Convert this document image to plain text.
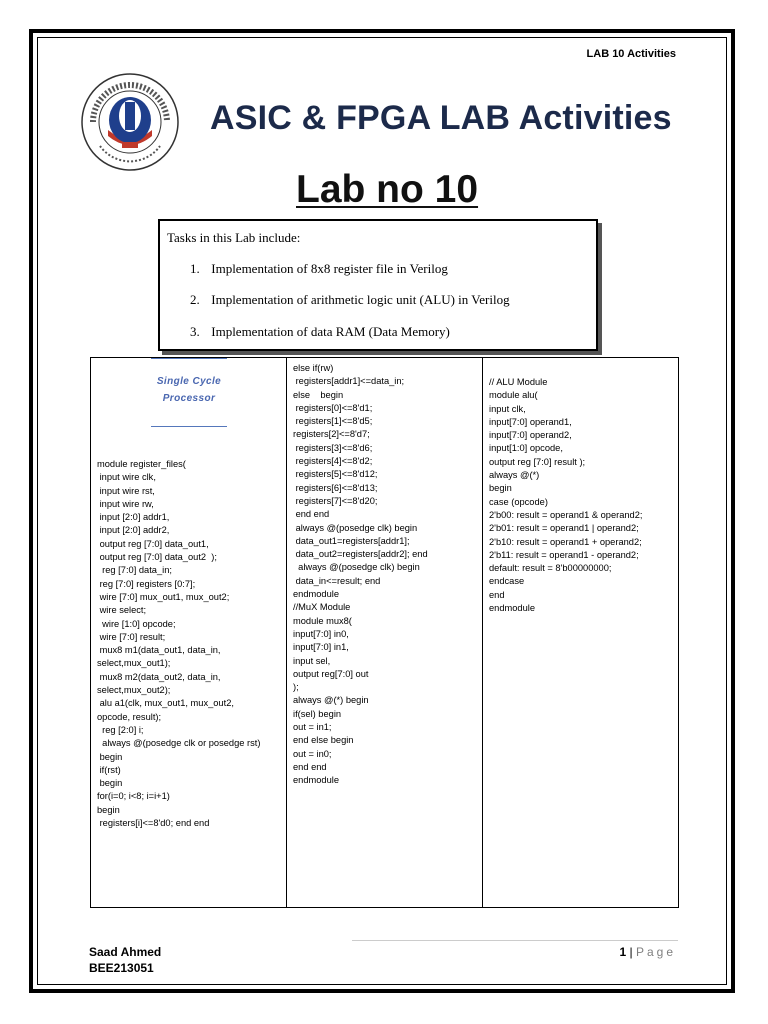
LAB 10 Activities
ASIC & FPGA LAB Activities
Lab no 10
Tasks in this Lab include:
1. Implementation of 8x8 register file in Verilog
2. Implementation of arithmetic logic unit (ALU) in Verilog
3. Implementation of data RAM (Data Memory)

Single Cycle

Processor

module register_files(
input wire clk,
input wire rst,
input wire rw,
input [2:0] addr1,
input [2:0] addr2,
output reg [7:0] data_out1,
output reg [7:0] data_out2  );
reg [7:0] data_in;
reg [7:0] registers [0:7];
wire [7:0] mux_out1, mux_out2;
wire select;
wire [1:0] opcode;
wire [7:0] result;
mux8 m1(data_out1, data_in,
select,mux_out1);
mux8 m2(data_out2, data_in,
select,mux_out2);
alu a1(clk, mux_out1, mux_out2,
opcode, result);
reg [2:0] i;
always @(posedge clk or posedge rst)
begin
if(rst)
begin
for(i=0; i<8; i=i+1)
begin
registers[i]<=8'd0; end end

else if(rw)
registers[addr1]<=data_in;
else    begin
registers[0]<=8'd1;
registers[1]<=8'd5;
registers[2]<=8'd7;
registers[3]<=8'd6;
registers[4]<=8'd2;
registers[5]<=8'd12;
registers[6]<=8'd13;
registers[7]<=8'd20;
end end
always @(posedge clk) begin
data_out1=registers[addr1];
data_out2=registers[addr2]; end
always @(posedge clk) begin
data_in<=result; end
endmodule
//MuX Module
module mux8(
input[7:0] in0,
input[7:0] in1,
input sel,
output reg[7:0] out
);
always @(*) begin
if(sel) begin
out = in1;
end else begin
out = in0;
end end
endmodule
// ALU Module
module alu(
input clk,
input[7:0] operand1,
input[7:0] operand2,
input[1:0] opcode,
output reg [7:0] result );
always @(*)
begin
case (opcode)
2'b00: result = operand1 & operand2;
2'b01: result = operand1 | operand2;
2'b10: result = operand1 + operand2;
2'b11: result = operand1 - operand2;
default: result = 8'b00000000;
endcase
end
endmodule
Saad Ahmed
BEE213051
1 | Page
